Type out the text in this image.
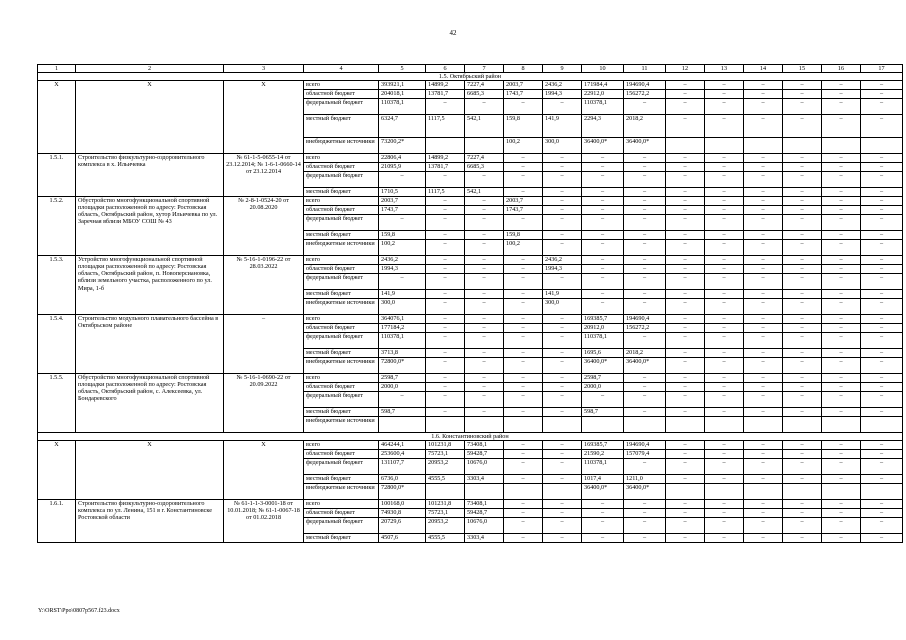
42
1	2	3	4	5	6	7	8	9	10	11	12	13	14	15	16	17
1.5. Октябрьский район																
Х	Х	Х	всего	393921,1	14899,2	7227,4	2003,7	2436,2	171984,4	194690,4	–	–	–	–	–	–
			областной бюджет	204018,1	13781,7	6685,3	1743,7	1994,3	22912,0	156272,2	–	–	–	–	–	–
			федеральный бюджет	110378,1	–	–	–	–	110378,1	–	–	–	–	–	–	–
			местный бюджет	6324,7	1117,5	542,1	159,8	141,9	2294,3	2018,2	–	–	–	–	–	–
			внебюджетные источники	73200,2*			100,2	300,0	36400,0*	36400,0*						
1.5.1.	Строительство физкультурно-оздоровительного комплекса в х. Ильичевка	№ 61-1-5-0655-14 от 23.12.2014; № 1-6-1-0660-14 от 23.12.2014	всего	22806,4	14899,2	7227,4	–	–	–	–	–	–	–	–	–	–
			областной бюджет	21095,9	13781,7	6685,3	–	–	–	–	–	–	–	–	–	–
			федеральный бюджет	–	–	–	–	–	–	–	–	–	–	–	–	–
			местный бюджет	1710,5	1117,5	542,1	–	–	–	–	–	–	–	–	–	–
1.5.2.	Обустройство многофункциональной спортивной площадки расположенной по адресу: Ростовская область, Октябрьский район, хутор Ильичевка по ул. Заречная вблизи МБОУ СОШ № 43	№ 2-8-1-0524-20 от 20.08.2020	всего	2003,7	–	–	2003,7	–	–	–	–	–	–	–	–	–
			областной бюджет	1743,7	–	–	1743,7	–	–	–	–	–	–	–	–	–
			федеральный бюджет	–	–	–	–	–	–	–	–	–	–	–	–	–
			местный бюджет	159,8	–	–	159,8	–	–	–	–	–	–	–	–	–
			внебюджетные источники	100,2	–	–	100,2	–	–	–	–	–	–	–	–	–
1.5.3.	Устройство многофункциональной спортивной площадки расположенной по адресу: Ростовская область, Октябрьский район, п. Новоперсиановка, вблизи земельного участка, расположенного по ул. Мира, 1-б	№ 5-16-1-0196-22 от 28.03.2022	всего	2436,2	–	–	–	2436,2	–	–	–	–	–	–	–	–
			областной бюджет	1994,3	–	–	–	1994,3	–	–	–	–	–	–	–	–
			федеральный бюджет	–	–	–	–	–	–	–	–	–	–	–	–	–
			местный бюджет	141,9	–	–	–	141,9	–	–	–	–	–	–	–	–
			внебюджетные источники	300,0	–	–	–	300,0	–	–	–	–	–	–	–	–
1.5.4.	Строительство модульного плавательного бассейна в Октябрьском районе	–	всего	364076,1	–	–	–	–	169385,7	194690,4	–	–	–	–	–	–
			областной бюджет	177184,2	–	–	–	–	20912,0	156272,2	–	–	–	–	–	–
			федеральный бюджет	110378,1	–	–	–	–	110378,1	–	–	–	–	–	–	–
			местный бюджет	3713,8	–	–	–	–	1695,6	2018,2	–	–	–	–	–	–
			внебюджетные источники	72800,0*	–	–	–	–	36400,0*	36400,0*	–	–	–	–	–	–
1.5.5.	Обустройство многофункциональной спортивной площадки расположенной по адресу: Ростовская область, Октябрьский район, с. Алексеевка, ул. Бондаревского	№ 5-16-1-0690-22 от 20.09.2022	всего	2598,7	–	–	–	–	2598,7	–	–	–	–	–	–	–
			областной бюджет	2000,0	–	–	–	–	2000,0	–	–	–	–	–	–	–
			федеральный бюджет	–	–	–	–	–	–	–	–	–	–	–	–	–
			местный бюджет	598,7	–	–	–	–	598,7	–	–	–	–	–	–	–
			внебюджетные источники													
1.6. Константиновский район																
Х	Х	Х	всего	464244,1	101231,8	73408,1	–	–	169385,7	194690,4	–	–	–	–	–	–
			областной бюджет	253600,4	75723,1	59428,7	–	–	21590,2	157079,4	–	–	–	–	–	–
			федеральный бюджет	131107,7	20953,2	10676,0	–	–	110378,1	–	–	–	–	–	–	–
			местный бюджет	6736,0	4555,5	3303,4	–	–	1017,4	1211,0	–	–	–	–	–	–
			внебюджетные источники	72800,0*					36400,0*	36400,0*						
1.6.1.	Строительство физкультурно-оздоровительного комплекса по ул. Ленина, 151 в г. Константиновске Ростовской области	№ 61-1-1-3-0001-18 от 10.01.2018; № 61-1-0067-18 от 01.02.2018	всего	100168,0	101231,8	73408,1	–	–	–	–	–	–	–	–	–	–
			областной бюджет	74930,8	75723,1	59428,7	–	–	–	–	–	–	–	–	–	–
			федеральный бюджет	20729,6	20953,2	10676,0	–	–	–	–	–	–	–	–	–	–
			местный бюджет	4507,6	4555,5	3303,4	–	–	–	–	–	–	–	–	–	–
Y:\ORST\Ppo\0807p567.f23.docx
